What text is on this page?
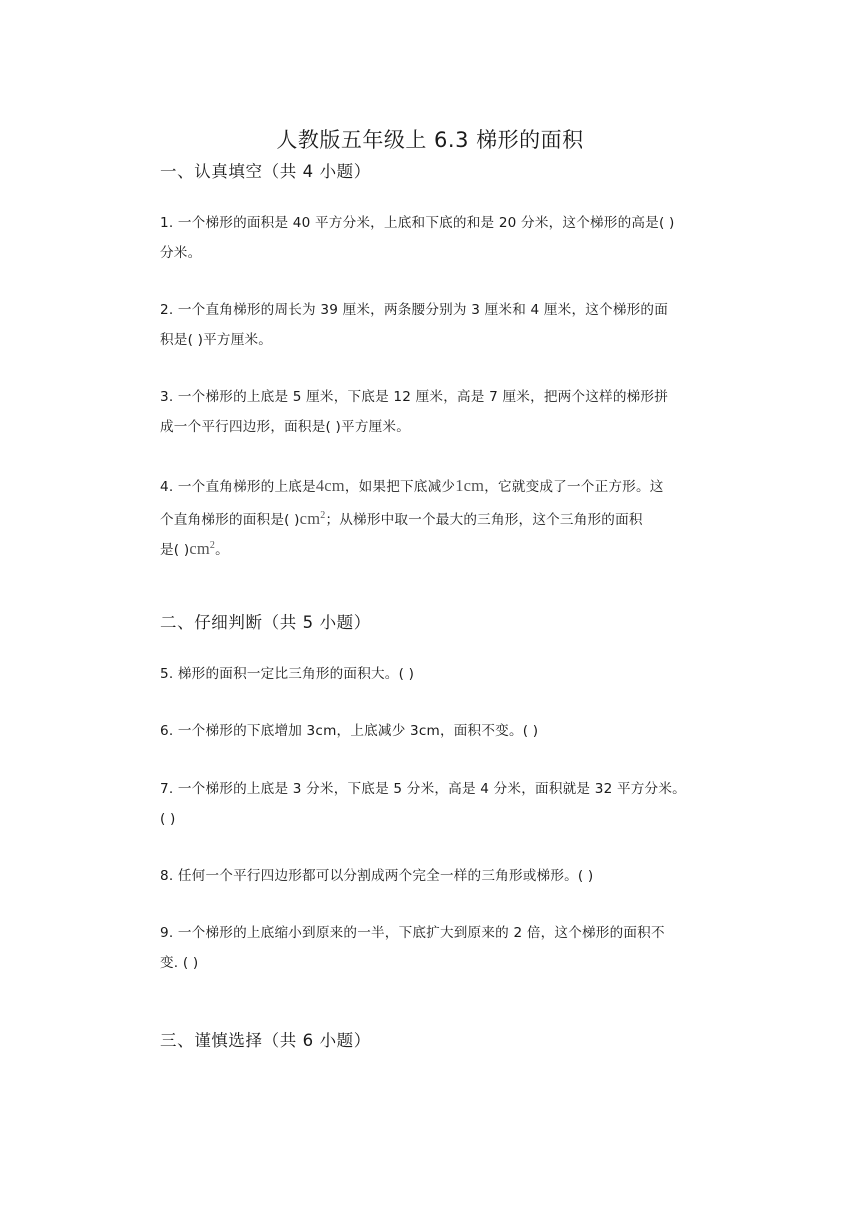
人教版五年级上 6.3 梯形的面积
一、认真填空（共 4 小题）
1. 一个梯形的面积是 40 平方分米，上底和下底的和是 20 分米，这个梯形的高是( )
分米。
2. 一个直角梯形的周长为 39 厘米，两条腰分别为 3 厘米和 4 厘米，这个梯形的面
积是( )平方厘米。
3. 一个梯形的上底是 5 厘米，下底是 12 厘米，高是 7 厘米，把两个这样的梯形拼
成一个平行四边形，面积是( )平方厘米。
4. 一个直角梯形的上底是4cm，如果把下底减少1cm，它就变成了一个正方形。这
个直角梯形的面积是( )$cm^2$；从梯形中取一个最大的三角形，这个三角形的面积
是( )$cm^2$。
二、仔细判断（共 5 小题）
5. 梯形的面积一定比三角形的面积大。( )
6. 一个梯形的下底增加 3cm，上底减少 3cm，面积不变。( )
7. 一个梯形的上底是 3 分米，下底是 5 分米，高是 4 分米，面积就是 32 平方分米。
( )
8. 任何一个平行四边形都可以分割成两个完全一样的三角形或梯形。( )
9. 一个梯形的上底缩小到原来的一半，下底扩大到原来的 2 倍，这个梯形的面积不
变. ( )
三、谨慎选择（共 6 小题）
